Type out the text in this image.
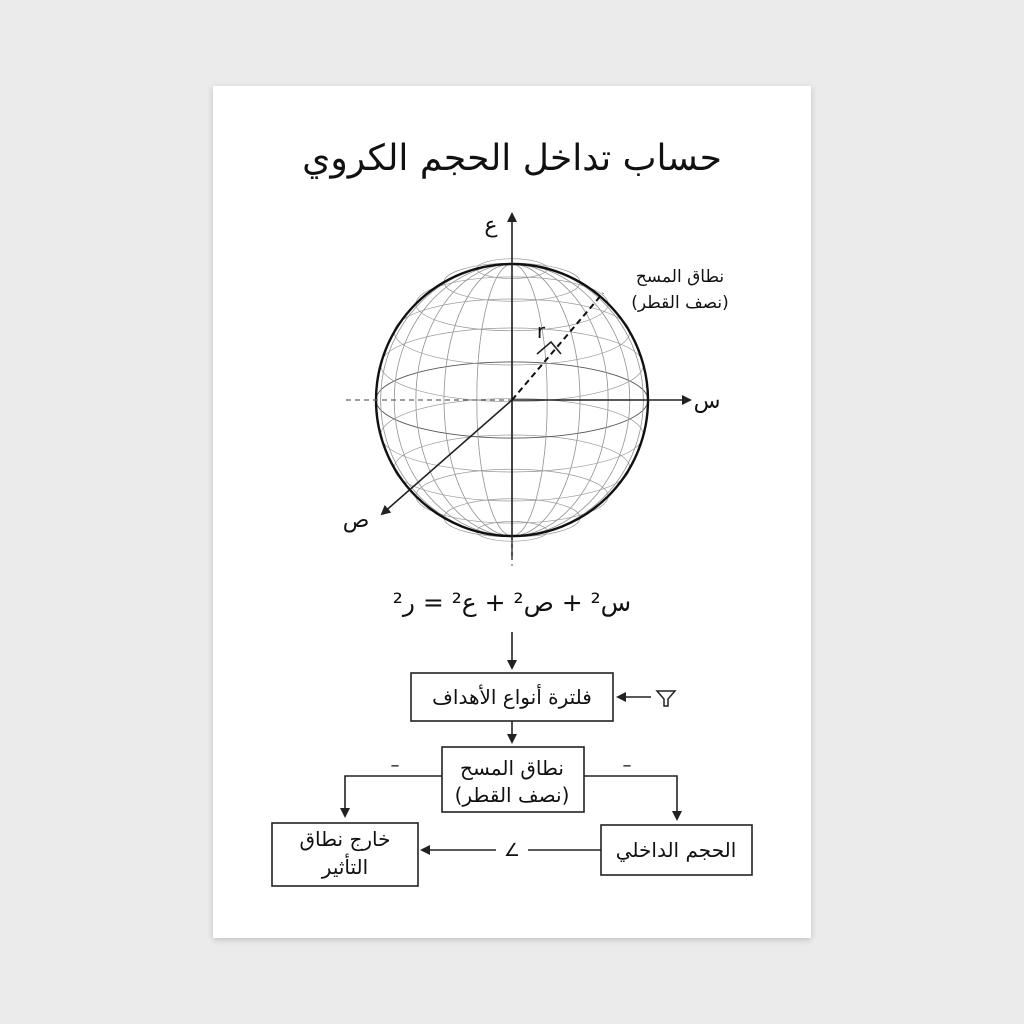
حساب تداخل الحجم الكروي
ع
س
ص
r
نطاق المسح
(نصف القطر)
س² + ص² + ع² = ر²
فلترة أنواع الأهداف
نطاق المسح
(نصف القطر)
–	–
خارج نطاق
التأثير
الحجم الداخلي
∠
